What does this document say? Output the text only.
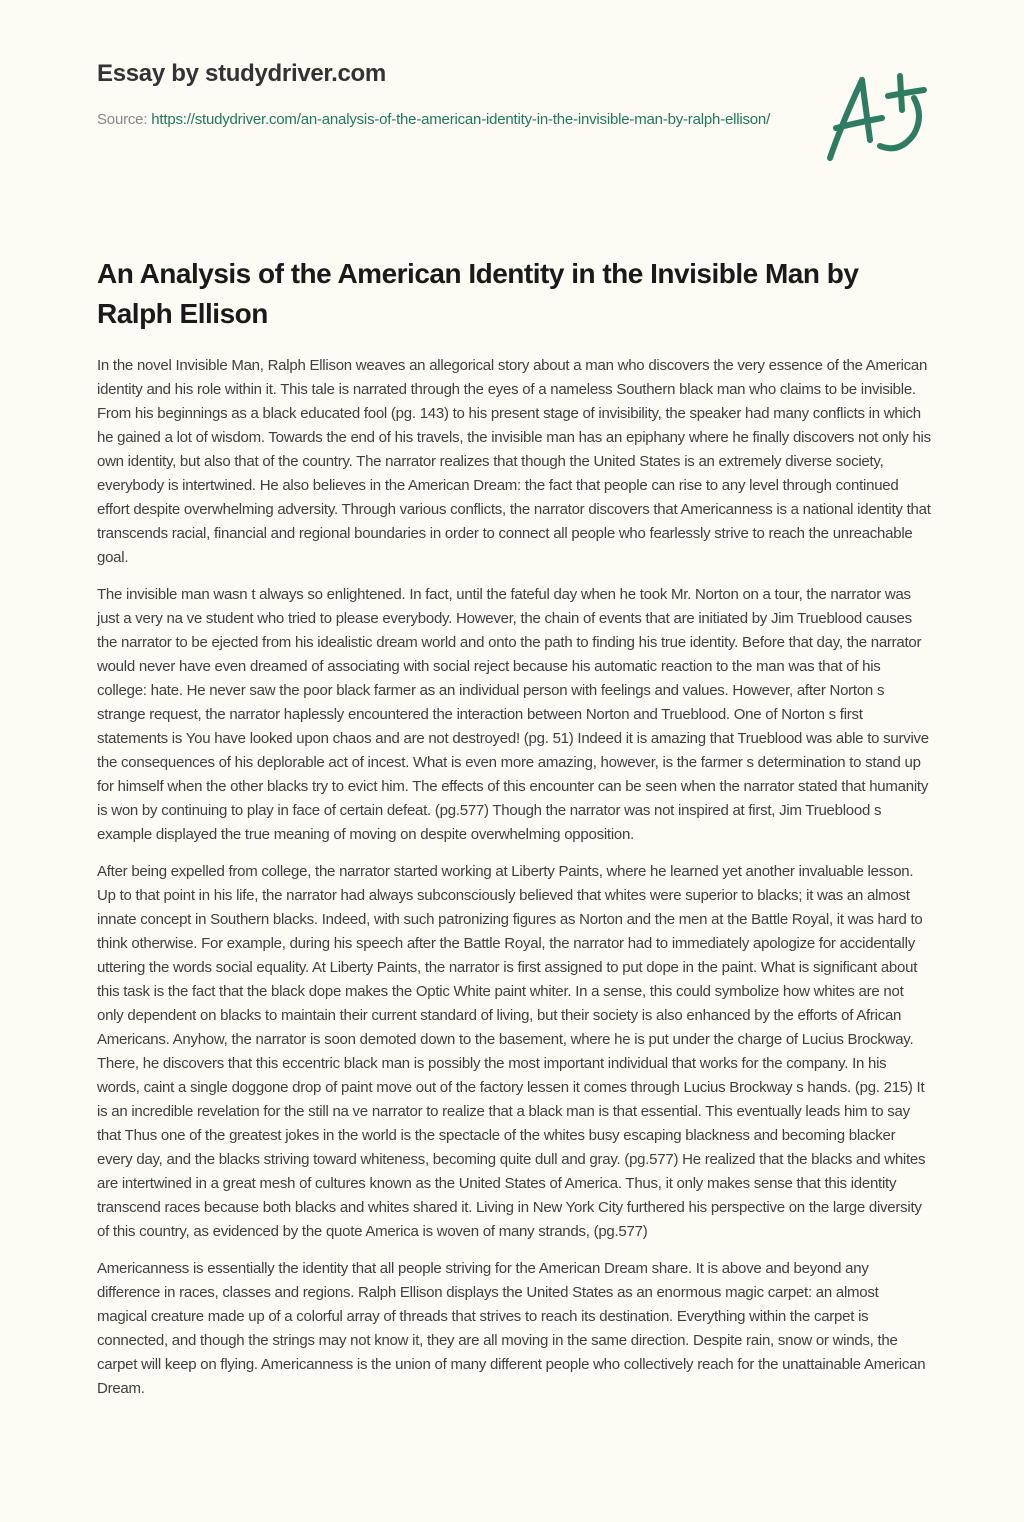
Essay by studydriver.com
Source: https://studydriver.com/an-analysis-of-the-american-identity-in-the-invisible-man-by-ralph-ellison/
An Analysis of the American Identity in the Invisible Man by Ralph Ellison

In the novel Invisible Man, Ralph Ellison weaves an allegorical story about a man who discovers the very essence of the American identity and his role within it. This tale is narrated through the eyes of a nameless Southern black man who claims to be invisible. From his beginnings as a black educated fool (pg. 143) to his present stage of invisibility, the speaker had many conflicts in which he gained a lot of wisdom. Towards the end of his travels, the invisible man has an epiphany where he finally discovers not only his own identity, but also that of the country. The narrator realizes that though the United States is an extremely diverse society, everybody is intertwined. He also believes in the American Dream: the fact that people can rise to any level through continued effort despite overwhelming adversity. Through various conflicts, the narrator discovers that Americanness is a national identity that transcends racial, financial and regional boundaries in order to connect all people who fearlessly strive to reach the unreachable goal.

The invisible man wasn t always so enlightened. In fact, until the fateful day when he took Mr. Norton on a tour, the narrator was just a very na ve student who tried to please everybody. However, the chain of events that are initiated by Jim Trueblood causes the narrator to be ejected from his idealistic dream world and onto the path to finding his true identity. Before that day, the narrator would never have even dreamed of associating with social reject because his automatic reaction to the man was that of his college: hate. He never saw the poor black farmer as an individual person with feelings and values. However, after Norton s strange request, the narrator haplessly encountered the interaction between Norton and Trueblood. One of Norton s first statements is You have looked upon chaos and are not destroyed! (pg. 51) Indeed it is amazing that Trueblood was able to survive the consequences of his deplorable act of incest. What is even more amazing, however, is the farmer s determination to stand up for himself when the other blacks try to evict him. The effects of this encounter can be seen when the narrator stated that humanity is won by continuing to play in face of certain defeat. (pg.577) Though the narrator was not inspired at first, Jim Trueblood s example displayed the true meaning of moving on despite overwhelming opposition.

After being expelled from college, the narrator started working at Liberty Paints, where he learned yet another invaluable lesson. Up to that point in his life, the narrator had always subconsciously believed that whites were superior to blacks; it was an almost innate concept in Southern blacks. Indeed, with such patronizing figures as Norton and the men at the Battle Royal, it was hard to think otherwise. For example, during his speech after the Battle Royal, the narrator had to immediately apologize for accidentally uttering the words social equality. At Liberty Paints, the narrator is first assigned to put dope in the paint. What is significant about this task is the fact that the black dope makes the Optic White paint whiter. In a sense, this could symbolize how whites are not only dependent on blacks to maintain their current standard of living, but their society is also enhanced by the efforts of African Americans. Anyhow, the narrator is soon demoted down to the basement, where he is put under the charge of Lucius Brockway. There, he discovers that this eccentric black man is possibly the most important individual that works for the company. In his words, caint a single doggone drop of paint move out of the factory lessen it comes through Lucius Brockway s hands. (pg. 215) It is an incredible revelation for the still na ve narrator to realize that a black man is that essential. This eventually leads him to say that Thus one of the greatest jokes in the world is the spectacle of the whites busy escaping blackness and becoming blacker every day, and the blacks striving toward whiteness, becoming quite dull and gray. (pg.577) He realized that the blacks and whites are intertwined in a great mesh of cultures known as the United States of America. Thus, it only makes sense that this identity transcend races because both blacks and whites shared it. Living in New York City furthered his perspective on the large diversity of this country, as evidenced by the quote America is woven of many strands, (pg.577)

Americanness is essentially the identity that all people striving for the American Dream share. It is above and beyond any difference in races, classes and regions. Ralph Ellison displays the United States as an enormous magic carpet: an almost magical creature made up of a colorful array of threads that strives to reach its destination. Everything within the carpet is connected, and though the strings may not know it, they are all moving in the same direction. Despite rain, snow or winds, the carpet will keep on flying. Americanness is the union of many different people who collectively reach for the unattainable American Dream.
